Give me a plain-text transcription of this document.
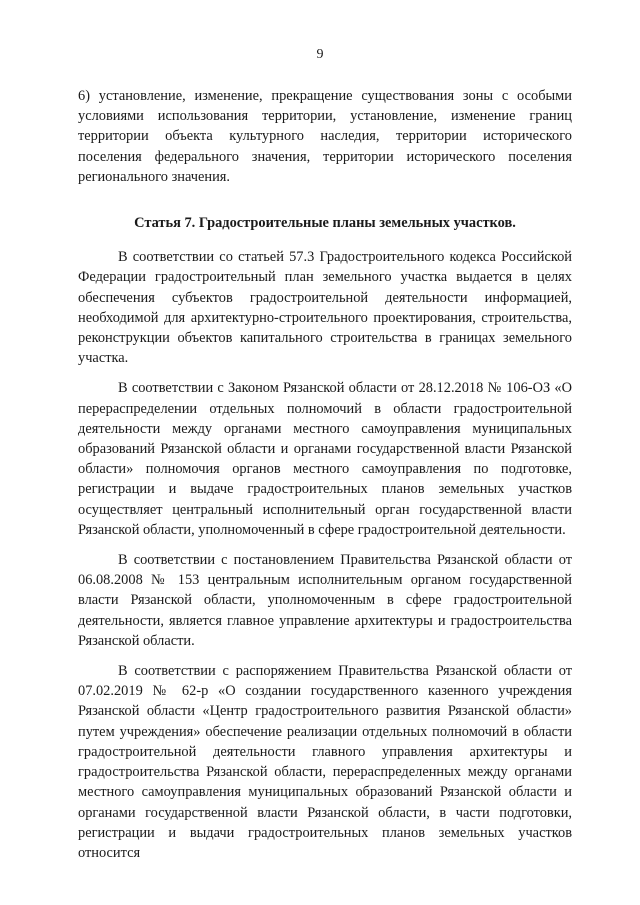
9

6) установление, изменение, прекращение существования зоны с особыми условиями использования территории, установление, изменение границ территории объекта культурного наследия, территории исторического поселения федерального значения, территории исторического поселения регионального значения.

Статья 7. Градостроительные планы земельных участков.

В соответствии со статьей 57.3 Градостроительного кодекса Российской Федерации градостроительный план земельного участка выдается в целях обеспечения субъектов градостроительной деятельности информацией, необходимой для архитектурно-строительного проектирования, строительства, реконструкции объектов капитального строительства в границах земельного участка.

В соответствии с Законом Рязанской области от 28.12.2018 № 106-ОЗ «О перераспределении отдельных полномочий в области градостроительной деятельности между органами местного самоуправления муниципальных образований Рязанской области и органами государственной власти Рязанской области» полномочия органов местного самоуправления по подготовке, регистрации и выдаче градостроительных планов земельных участков осуществляет центральный исполнительный орган государственной власти Рязанской области, уполномоченный в сфере градостроительной деятельности.

В соответствии с постановлением Правительства Рязанской области от 06.08.2008 № 153 центральным исполнительным органом государственной власти Рязанской области, уполномоченным в сфере градостроительной деятельности, является главное управление архитектуры и градостроительства Рязанской области.

В соответствии с распоряжением Правительства Рязанской области от 07.02.2019 № 62-р «О создании государственного казенного учреждения Рязанской области «Центр градостроительного развития Рязанской области» путем учреждения» обеспечение реализации отдельных полномочий в области градостроительной деятельности главного управления архитектуры и градостроительства Рязанской области, перераспределенных между органами местного самоуправления муниципальных образований Рязанской области и органами государственной власти Рязанской области, в части подготовки, регистрации и выдачи градостроительных планов земельных участков относится
